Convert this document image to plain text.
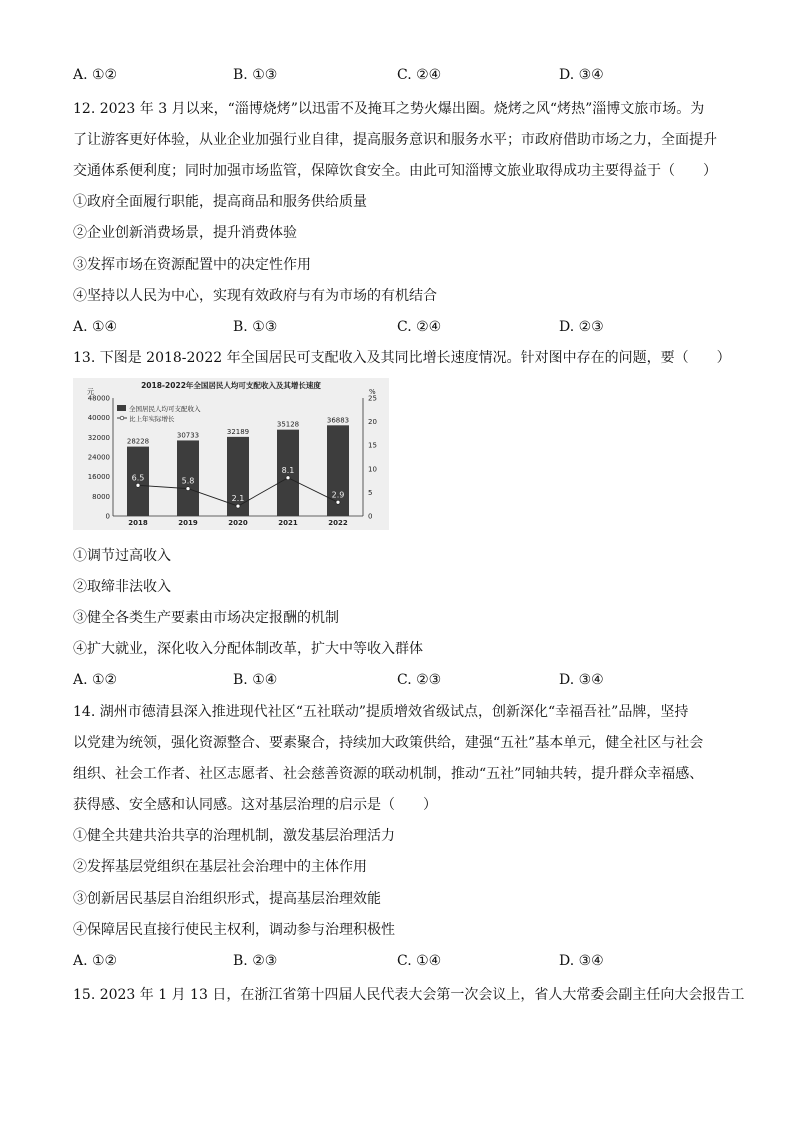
A. ①②	B. ①③	C. ②④	D. ③④
12. 2023 年 3 月以来，“淄博烧烤”以迅雷不及掩耳之势火爆出圈。烧烤之风“烤热”淄博文旅市场。为
了让游客更好体验，从业企业加强行业自律，提高服务意识和服务水平；市政府借助市场之力，全面提升
交通体系便利度；同时加强市场监管，保障饮食安全。由此可知淄博文旅业取得成功主要得益于（　　）
①政府全面履行职能，提高商品和服务供给质量
②企业创新消费场景，提升消费体验
③发挥市场在资源配置中的决定性作用
④坚持以人民为中心，实现有效政府与有为市场的有机结合
A. ①④	B. ①③	C. ②④	D. ②③
13. 下图是 2018-2022 年全国居民可支配收入及其同比增长速度情况。针对图中存在的问题，要（　　）
2018-2022年全国居民人均可支配收入及其增长速度
元	%
0
8000
16000
24000
32000
40000
48000
0
5
10
15
20
25
28228
2018
30733
2019
32189
2020
35128
2021
36883
2022
6.5	5.8
2.1
8.1
2.9
全国居民人均可支配收入
比上年实际增长
①调节过高收入
②取缔非法收入
③健全各类生产要素由市场决定报酬的机制
④扩大就业，深化收入分配体制改革，扩大中等收入群体
A. ①②	B. ①④	C. ②③	D. ③④
14. 湖州市德清县深入推进现代社区“五社联动”提质增效省级试点，创新深化“幸福吾社”品牌，坚持
以党建为统领，强化资源整合、要素聚合，持续加大政策供给，建强“五社”基本单元，健全社区与社会
组织、社会工作者、社区志愿者、社会慈善资源的联动机制，推动“五社”同轴共转，提升群众幸福感、
获得感、安全感和认同感。这对基层治理的启示是（　　）
①健全共建共治共享的治理机制，激发基层治理活力
②发挥基层党组织在基层社会治理中的主体作用
③创新居民基层自治组织形式，提高基层治理效能
④保障居民直接行使民主权利，调动参与治理积极性
A. ①②	B. ②③	C. ①④	D. ③④
15. 2023 年 1 月 13 日，在浙江省第十四届人民代表大会第一次会议上，省人大常委会副主任向大会报告工
